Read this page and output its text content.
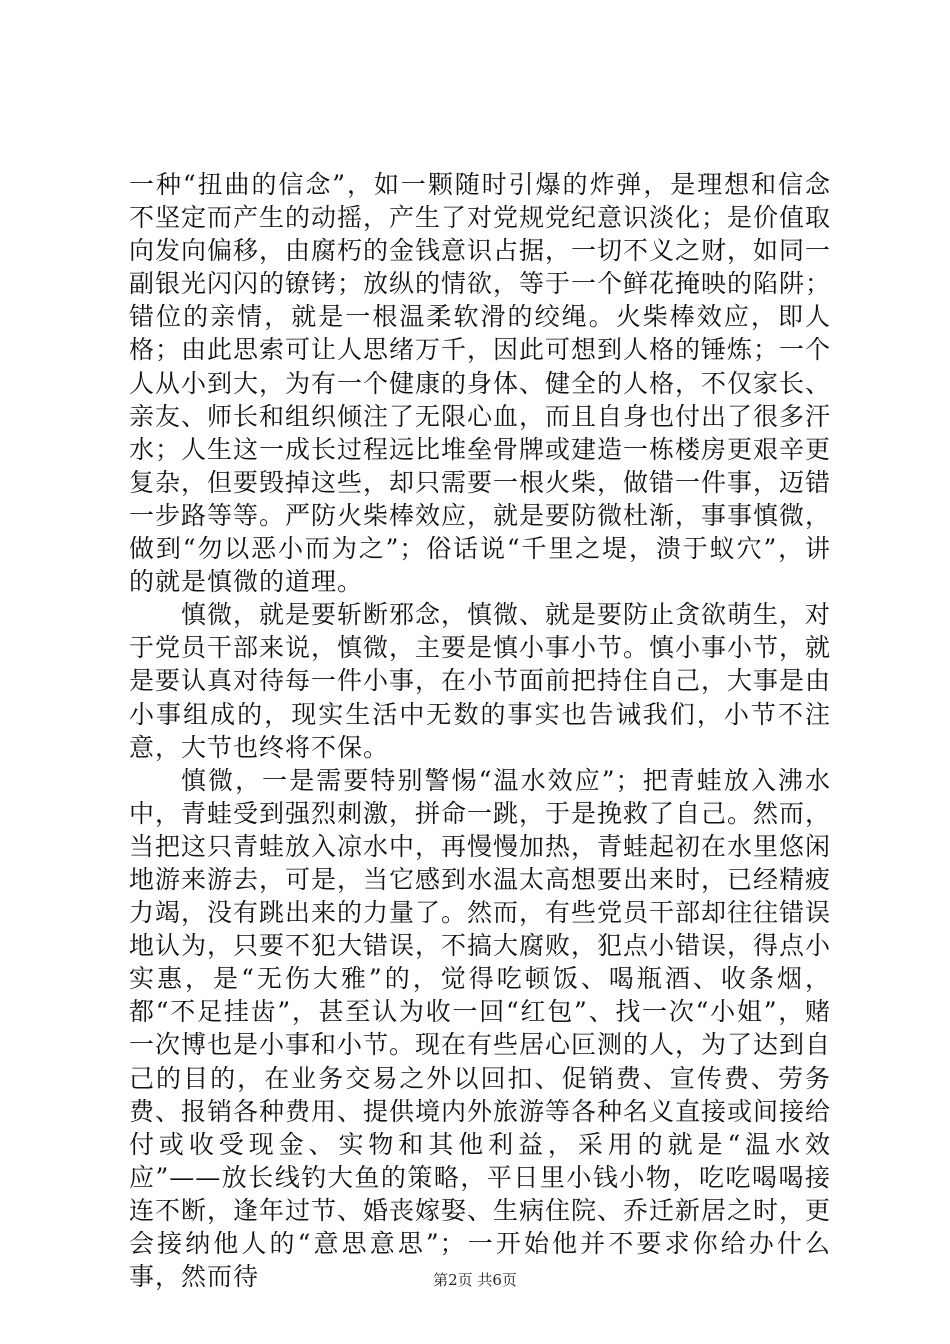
一种“扭曲的信念”，如一颗随时引爆的炸弹，是理想和信念不坚定而产生的动摇，产生了对党规党纪意识淡化；是价值取向发向偏移，由腐朽的金钱意识占据，一切不义之财，如同一副银光闪闪的镣铐；放纵的情欲，等于一个鲜花掩映的陷阱；错位的亲情，就是一根温柔软滑的绞绳。火柴棒效应，即人格；由此思索可让人思绪万千，因此可想到人格的锤炼；一个人从小到大，为有一个健康的身体、健全的人格，不仅家长、亲友、师长和组织倾注了无限心血，而且自身也付出了很多汗水；人生这一成长过程远比堆垒骨牌或建造一栋楼房更艰辛更复杂，但要毁掉这些，却只需要一根火柴，做错一件事，迈错一步路等等。严防火柴棒效应，就是要防微杜渐，事事慎微，做到“勿以恶小而为之”；俗话说“千里之堤，溃于蚁穴”，讲的就是慎微的道理。

慎微，就是要斩断邪念，慎微、就是要防止贪欲萌生，对于党员干部来说，慎微，主要是慎小事小节。慎小事小节，就是要认真对待每一件小事，在小节面前把持住自己，大事是由小事组成的，现实生活中无数的事实也告诫我们，小节不注意，大节也终将不保。

慎微，一是需要特别警惕“温水效应”；把青蛙放入沸水中，青蛙受到强烈刺激，拼命一跳，于是挽救了自己。然而，当把这只青蛙放入凉水中，再慢慢加热，青蛙起初在水里悠闲地游来游去，可是，当它感到水温太高想要出来时，已经精疲力竭，没有跳出来的力量了。然而，有些党员干部却往往错误地认为，只要不犯大错误，不搞大腐败，犯点小错误，得点小实惠，是“无伤大雅”的，觉得吃顿饭、喝瓶酒、收条烟，都“不足挂齿”，甚至认为收一回“红包”、找一次“小姐”，赌一次博也是小事和小节。现在有些居心叵测的人，为了达到自己的目的，在业务交易之外以回扣、促销费、宣传费、劳务费、报销各种费用、提供境内外旅游等各种名义直接或间接给付或收受现金、实物和其他利益，采用的就是“温水效应”——放长线钓大鱼的策略，平日里小钱小物，吃吃喝喝接连不断，逢年过节、婚丧嫁娶、生病住院、乔迁新居之时，更会接纳他人的“意思意思”；一开始他并不要求你给办什么事，然而待	第2页 共6页
